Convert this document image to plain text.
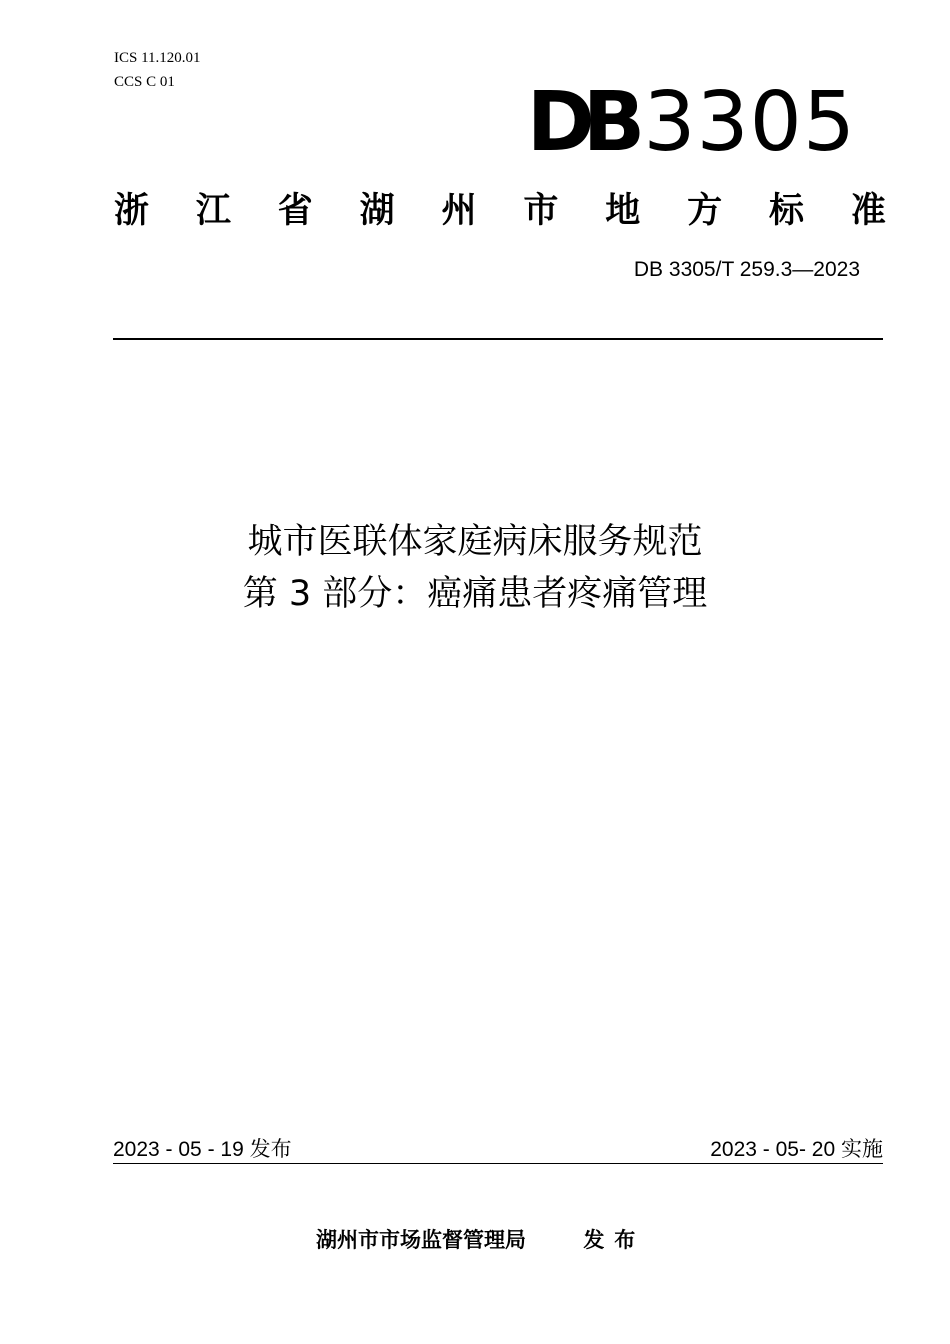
ICS 11.120.01
CCS C 01	DB 3305
浙 江 省 湖 州 市 地 方 标 准
DB 3305/T 259.3—2023
城市医联体家庭病床服务规范
第 3 部分：癌痛患者疼痛管理
2023 - 05 - 19 发布	2023 - 05- 20 实施
湖州市市场监督管理局	发布
